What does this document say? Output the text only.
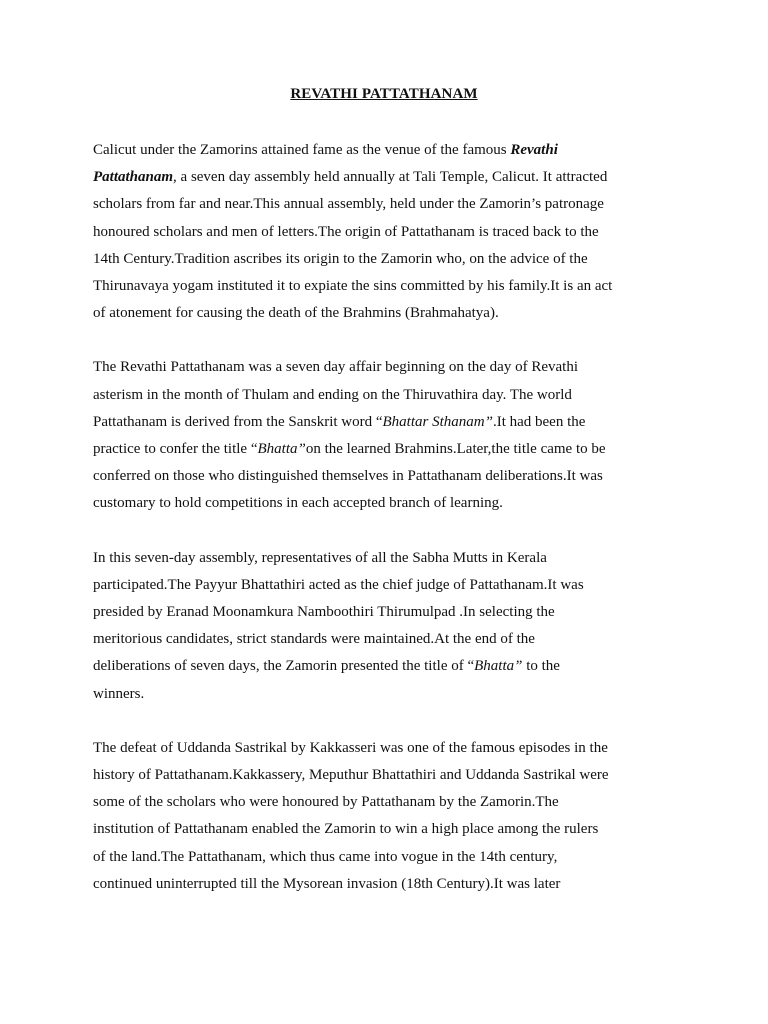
REVATHI PATTATHANAM

Calicut under the Zamorins attained fame as the venue of the famous Revathi
Pattathanam, a seven day assembly held annually at Tali Temple, Calicut. It attracted
scholars from far and near.This annual assembly, held under the Zamorin’s patronage
honoured scholars and men of letters.The origin of Pattathanam is traced back to the
14th Century.Tradition ascribes its origin to the Zamorin who, on the advice of the
Thirunavaya yogam instituted it to expiate the sins committed by his family.It is an act
of atonement for causing the death of the Brahmins (Brahmahatya).

The Revathi Pattathanam was a seven day affair beginning on the day of Revathi
asterism in the month of Thulam and ending on the Thiruvathira day. The world
Pattathanam is derived from the Sanskrit word “Bhattar Sthanam”.It had been the
practice to confer the title “Bhatta”on the learned Brahmins.Later,the title came to be
conferred on those who distinguished themselves in Pattathanam deliberations.It was
customary to hold competitions in each accepted branch of learning.

In this seven-day assembly, representatives of all the Sabha Mutts in Kerala
participated.The Payyur Bhattathiri acted as the chief judge of Pattathanam.It was
presided by Eranad Moonamkura Namboothiri Thirumulpad .In selecting the
meritorious candidates, strict standards were maintained.At the end of the
deliberations of seven days, the Zamorin presented the title of “Bhatta” to the
winners.

The defeat of Uddanda Sastrikal by Kakkasseri was one of the famous episodes in the
history of Pattathanam.Kakkassery, Meputhur Bhattathiri and Uddanda Sastrikal were
some of the scholars who were honoured by Pattathanam by the Zamorin.The
institution of Pattathanam enabled the Zamorin to win a high place among the rulers
of the land.The Pattathanam, which thus came into vogue in the 14th century,
continued uninterrupted till the Mysorean invasion (18th Century).It was later
